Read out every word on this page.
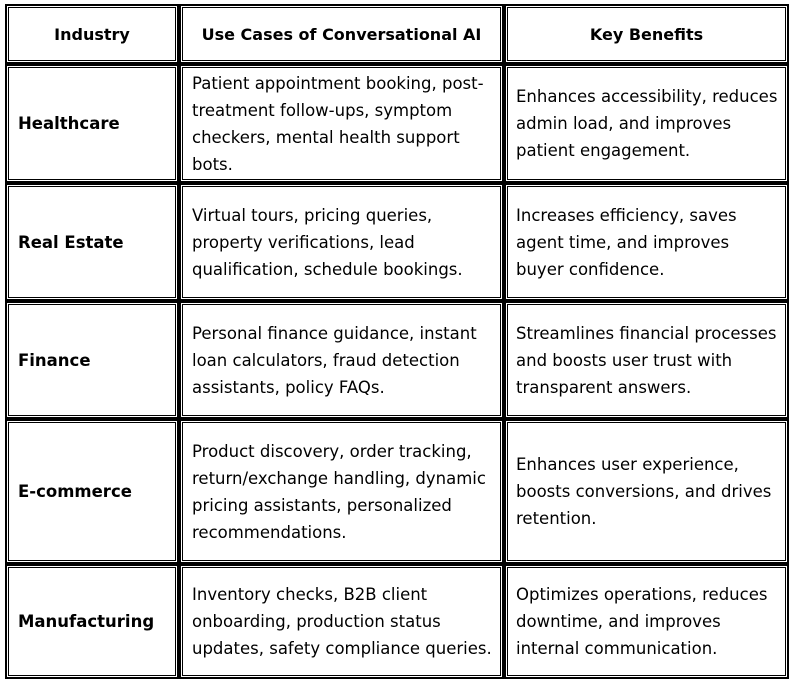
Industry	Use Cases of Conversational AI	Key Benefits
Healthcare	Patient appointment booking, post-treatment follow-ups, symptom checkers, mental health support bots.	Enhances accessibility, reduces admin load, and improves patient engagement.
Real Estate	Virtual tours, pricing queries, property verifications, lead qualification, schedule bookings.	Increases efficiency, saves agent time, and improves buyer confidence.
Finance	Personal finance guidance, instant loan calculators, fraud detection assistants, policy FAQs.	Streamlines financial processes and boosts user trust with transparent answers.
E-commerce	Product discovery, order tracking, return/exchange handling, dynamic pricing assistants, personalized recommendations.	Enhances user experience, boosts conversions, and drives retention.
Manufacturing	Inventory checks, B2B client onboarding, production status updates, safety compliance queries.	Optimizes operations, reduces downtime, and improves internal communication.
